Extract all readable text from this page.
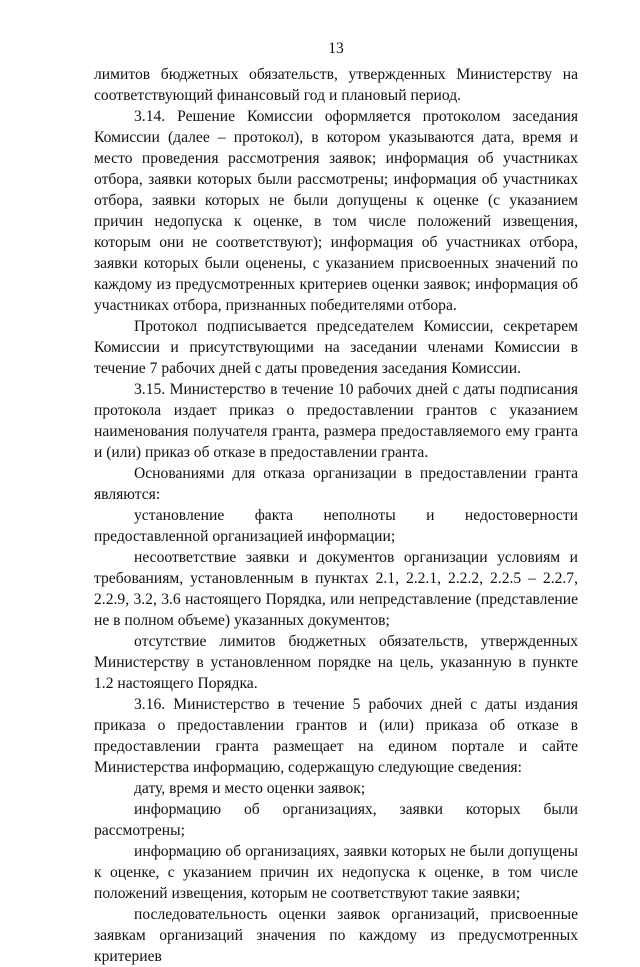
13

лимитов бюджетных обязательств, утвержденных Министерству на соответствующий финансовый год и плановый период.

3.14. Решение Комиссии оформляется протоколом заседания Комиссии (далее – протокол), в котором указываются дата, время и место проведения рассмотрения заявок; информация об участниках отбора, заявки которых были рассмотрены; информация об участниках отбора, заявки которых не были допущены к оценке (с указанием причин недопуска к оценке, в том числе положений извещения, которым они не соответствуют); информация об участниках отбора, заявки которых были оценены, с указанием присвоенных значений по каждому из предусмотренных критериев оценки заявок; информация об участниках отбора, признанных победителями отбора.

Протокол подписывается председателем Комиссии, секретарем Комиссии и присутствующими на заседании членами Комиссии в течение 7 рабочих дней с даты проведения заседания Комиссии.

3.15. Министерство в течение 10 рабочих дней с даты подписания протокола издает приказ о предоставлении грантов с указанием наименования получателя гранта, размера предоставляемого ему гранта и (или) приказ об отказе в предоставлении гранта.

Основаниями для отказа организации в предоставлении гранта являются:

установление факта неполноты и недостоверности предоставленной организацией информации;

несоответствие заявки и документов организации условиям и требованиям, установленным в пунктах 2.1, 2.2.1, 2.2.2, 2.2.5 – 2.2.7, 2.2.9, 3.2, 3.6 настоящего Порядка, или непредставление (представление не в полном объеме) указанных документов;

отсутствие лимитов бюджетных обязательств, утвержденных Министерству в установленном порядке на цель, указанную в пункте 1.2 настоящего Порядка.

3.16. Министерство в течение 5 рабочих дней с даты издания приказа о предоставлении грантов и (или) приказа об отказе в предоставлении гранта размещает на едином портале и сайте Министерства информацию, содержащую следующие сведения:

дату, время и место оценки заявок;

информацию об организациях, заявки которых были рассмотрены;

информацию об организациях, заявки которых не были допущены к оценке, с указанием причин их недопуска к оценке, в том числе положений извещения, которым не соответствуют такие заявки;

последовательность оценки заявок организаций, присвоенные заявкам организаций значения по каждому из предусмотренных критериев
